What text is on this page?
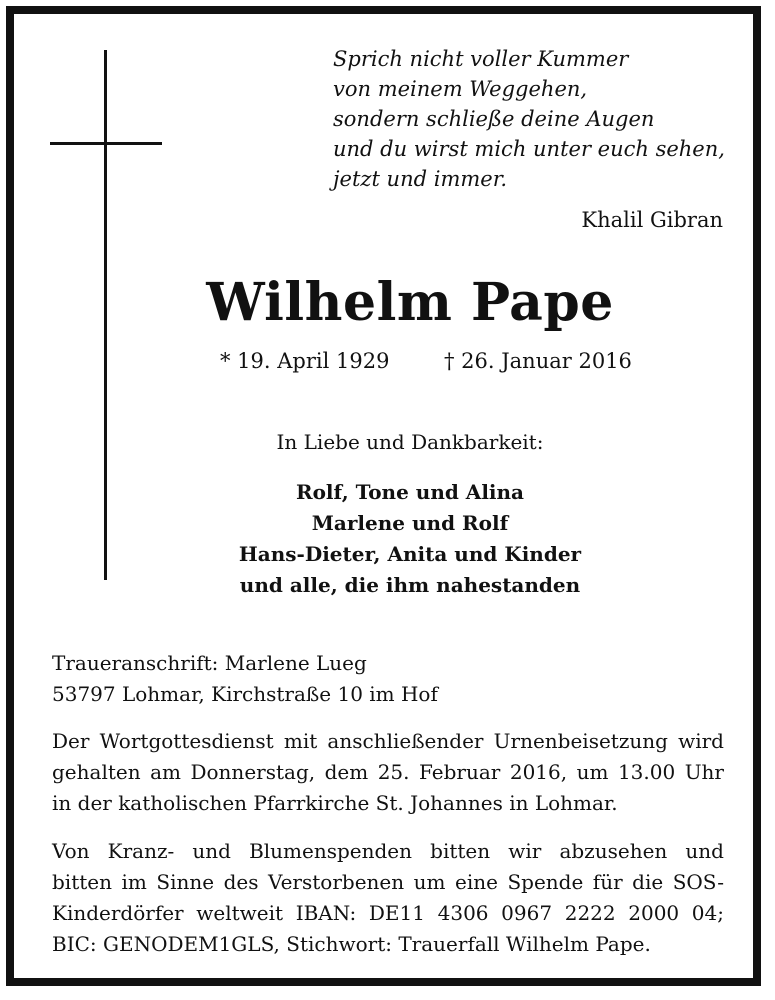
Sprich nicht voller Kummer
von meinem Weggehen,
sondern schließe deine Augen
und du wirst mich unter euch sehen,
jetzt und immer.
Khalil Gibran
Wilhelm Pape
* 19. April 1929	† 26. Januar 2016
In Liebe und Dankbarkeit:
Rolf, Tone und Alina
Marlene und Rolf
Hans-Dieter, Anita und Kinder
und alle, die ihm nahestanden
Traueranschrift: Marlene Lueg
53797 Lohmar, Kirchstraße 10 im Hof
Der Wortgottesdienst mit anschließender Urnenbeisetzung wird
gehalten am Donnerstag, dem 25. Februar 2016, um 13.00 Uhr
in der katholischen Pfarrkirche St. Johannes in Lohmar.
Von Kranz- und Blumenspenden bitten wir abzusehen und
bitten im Sinne des Verstorbenen um eine Spende für die SOS-
Kinderdörfer weltweit IBAN: DE11 4306 0967 2222 2000 04;
BIC: GENODEM1GLS, Stichwort: Trauerfall Wilhelm Pape.
